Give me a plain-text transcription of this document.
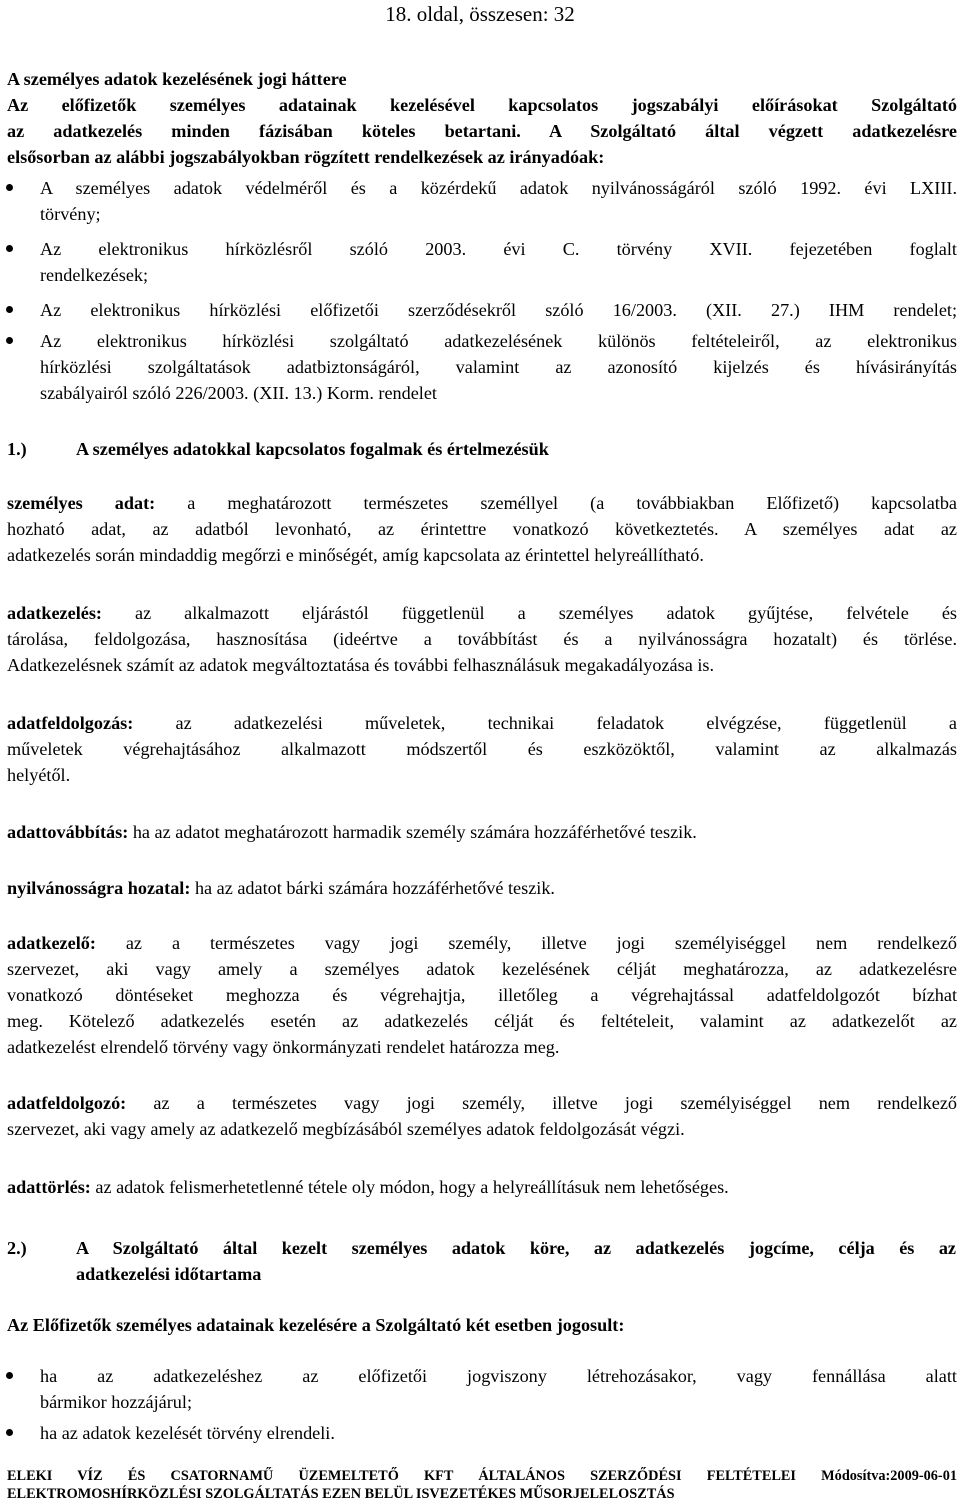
18. oldal, összesen: 32
A személyes adatok kezelésének jogi háttere
Az előfizetők személyes adatainak kezelésével kapcsolatos jogszabályi előírásokat Szolgáltató
az adatkezelés minden fázisában köteles betartani. A Szolgáltató által végzett adatkezelésre
elsősorban az alábbi jogszabályokban rögzített rendelkezések az irányadóak:
A személyes adatok védelméről és a közérdekű adatok nyilvánosságáról szóló 1992. évi LXIII.
törvény;
Az elektronikus hírközlésről szóló 2003. évi C. törvény XVII. fejezetében foglalt
rendelkezések;
Az elektronikus hírközlési előfizetői szerződésekről szóló 16/2003. (XII. 27.) IHM rendelet;
Az elektronikus hírközlési szolgáltató adatkezelésének különös feltételeiről, az elektronikus
hírközlési szolgáltatások adatbiztonságáról, valamint az azonosító kijelzés és hívásirányítás
szabályairól szóló 226/2003. (XII. 13.) Korm. rendelet
1.)	A személyes adatokkal kapcsolatos fogalmak és értelmezésük
személyes adat: a meghatározott természetes személlyel (a továbbiakban Előfizető) kapcsolatba
hozható adat, az adatból levonható, az érintettre vonatkozó következtetés. A személyes adat az
adatkezelés során mindaddig megőrzi e minőségét, amíg kapcsolata az érintettel helyreállítható.
adatkezelés: az alkalmazott eljárástól függetlenül a személyes adatok gyűjtése, felvétele és
tárolása, feldolgozása, hasznosítása (ideértve a továbbítást és a nyilvánosságra hozatalt) és törlése.
Adatkezelésnek számít az adatok megváltoztatása és további felhasználásuk megakadályozása is.
adatfeldolgozás: az adatkezelési műveletek, technikai feladatok elvégzése, függetlenül a
műveletek végrehajtásához alkalmazott módszertől és eszközöktől, valamint az alkalmazás
helyétől.
adattovábbítás: ha az adatot meghatározott harmadik személy számára hozzáférhetővé teszik.
nyilvánosságra hozatal: ha az adatot bárki számára hozzáférhetővé teszik.
adatkezelő: az a természetes vagy jogi személy, illetve jogi személyiséggel nem rendelkező
szervezet, aki vagy amely a személyes adatok kezelésének célját meghatározza, az adatkezelésre
vonatkozó döntéseket meghozza és végrehajtja, illetőleg a végrehajtással adatfeldolgozót bízhat
meg. Kötelező adatkezelés esetén az adatkezelés célját és feltételeit, valamint az adatkezelőt az
adatkezelést elrendelő törvény vagy önkormányzati rendelet határozza meg.
adatfeldolgozó: az a természetes vagy jogi személy, illetve jogi személyiséggel nem rendelkező
szervezet, aki vagy amely az adatkezelő megbízásából személyes adatok feldolgozását végzi.
adattörlés: az adatok felismerhetetlenné tétele oly módon, hogy a helyreállításuk nem lehetőséges.
2.)	A Szolgáltató által kezelt személyes adatok köre, az adatkezelés jogcíme, célja és az
adatkezelési időtartama
Az Előfizetők személyes adatainak kezelésére a Szolgáltató két esetben jogosult:
ha az adatkezeléshez az előfizetői jogviszony létrehozásakor, vagy fennállása alatt
bármikor hozzájárul;
ha az adatok kezelését törvény elrendeli.
ELEKI VÍZ ÉS CSATORNAMŰ ÜZEMELTETŐ KFT ÁLTALÁNOS SZERZŐDÉSI FELTÉTELEI Módosítva:2009-06-01
ELEKTROMOSHÍRKÖZLÉSI SZOLGÁLTATÁS EZEN BELÜL ISVEZETÉKES MŰSORJELELOSZTÁS
